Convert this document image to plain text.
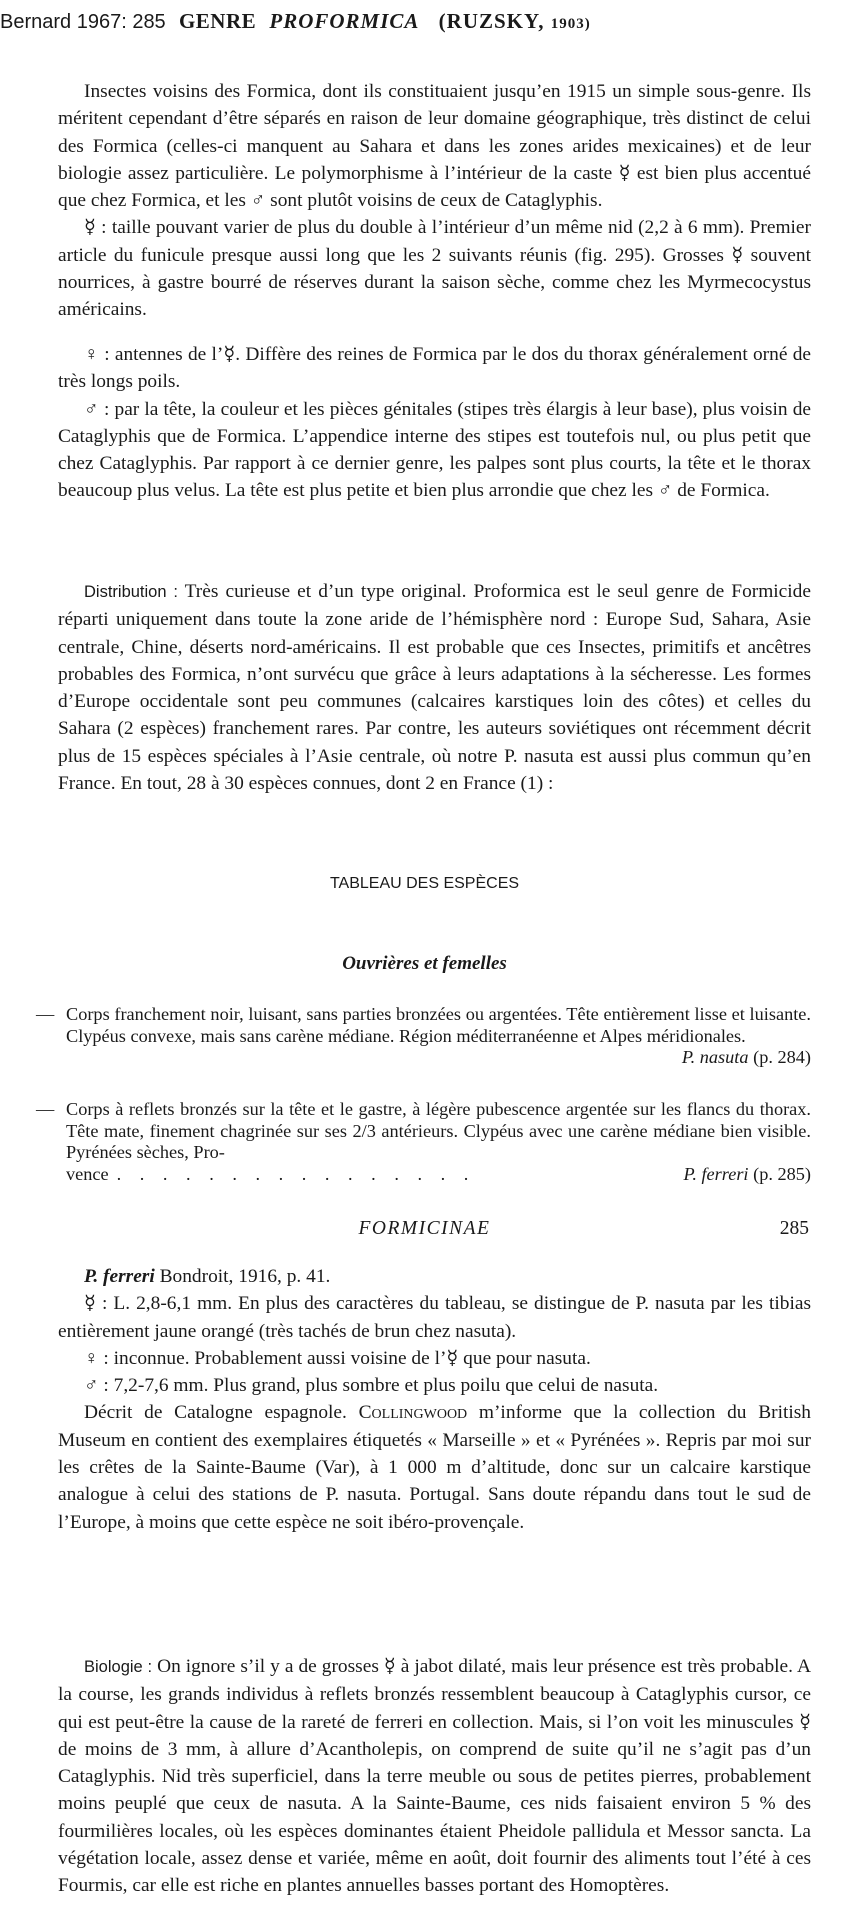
Bernard 1967: 285 GENRE PROFORMICA (RUZSKY, 1903)

Insectes voisins des Formica, dont ils constituaient jusqu’en 1915 un simple sous-genre. Ils méritent cependant d’être séparés en raison de leur domaine géographique, très distinct de celui des Formica (celles-ci manquent au Sahara et dans les zones arides mexicaines) et de leur biologie assez particulière. Le polymorphisme à l’intérieur de la caste ☿ est bien plus accentué que chez Formica, et les ♂ sont plutôt voisins de ceux de Cataglyphis.

☿ : taille pouvant varier de plus du double à l’intérieur d’un même nid (2,2 à 6 mm). Premier article du funicule presque aussi long que les 2 suivants réunis (fig. 295). Grosses ☿ souvent nourrices, à gastre bourré de réserves durant la saison sèche, comme chez les Myrmecocystus américains.

♀ : antennes de l’☿. Diffère des reines de Formica par le dos du thorax généralement orné de très longs poils.

♂ : par la tête, la couleur et les pièces génitales (stipes très élargis à leur base), plus voisin de Cataglyphis que de Formica. L’appendice interne des stipes est toutefois nul, ou plus petit que chez Cataglyphis. Par rapport à ce dernier genre, les palpes sont plus courts, la tête et le thorax beaucoup plus velus. La tête est plus petite et bien plus arrondie que chez les ♂ de Formica.

Distribution : Très curieuse et d’un type original. Proformica est le seul genre de Formicide réparti uniquement dans toute la zone aride de l’hémisphère nord : Europe Sud, Sahara, Asie centrale, Chine, déserts nord-américains. Il est probable que ces Insectes, primitifs et ancêtres probables des Formica, n’ont survécu que grâce à leurs adaptations à la sécheresse. Les formes d’Europe occidentale sont peu communes (calcaires karstiques loin des côtes) et celles du Sahara (2 espèces) franchement rares. Par contre, les auteurs soviétiques ont récemment décrit plus de 15 espèces spéciales à l’Asie centrale, où notre P. nasuta est aussi plus commun qu’en France. En tout, 28 à 30 espèces connues, dont 2 en France (1) :

TABLEAU DES ESPÈCES
Ouvrières et femelles
— Corps franchement noir, luisant, sans parties bronzées ou argentées. Tête entièrement lisse et luisante. Clypéus convexe, mais sans carène médiane. Région méditerranéenne et Alpes méridionales.
P. nasuta (p. 284)
— Corps à reflets bronzés sur la tête et le gastre, à légère pubescence argentée sur les flancs du thorax. Tête mate, finement chagrinée sur ses 2/3 antérieurs. Clypéus avec une carène médiane bien visible. Pyrénées sèches, Pro-
vence . . . . . . . . . . . . . . . .	P. ferreri (p. 285)
FORMICINAE	285

P. ferreri Bondroit, 1916, p. 41.

☿ : L. 2,8-6,1 mm. En plus des caractères du tableau, se distingue de P. nasuta par les tibias entièrement jaune orangé (très tachés de brun chez nasuta).

♀ : inconnue. Probablement aussi voisine de l’☿ que pour nasuta.

♂ : 7,2-7,6 mm. Plus grand, plus sombre et plus poilu que celui de nasuta.

Décrit de Catalogne espagnole. Collingwood m’informe que la collection du British Museum en contient des exemplaires étiquetés « Marseille » et « Pyrénées ». Repris par moi sur les crêtes de la Sainte-Baume (Var), à 1 000 m d’altitude, donc sur un calcaire karstique analogue à celui des stations de P. nasuta. Portugal. Sans doute répandu dans tout le sud de l’Europe, à moins que cette espèce ne soit ibéro-provençale.

Biologie : On ignore s’il y a de grosses ☿ à jabot dilaté, mais leur présence est très probable. A la course, les grands individus à reflets bronzés ressemblent beaucoup à Cataglyphis cursor, ce qui est peut-être la cause de la rareté de ferreri en collection. Mais, si l’on voit les minuscules ☿ de moins de 3 mm, à allure d’Acantholepis, on comprend de suite qu’il ne s’agit pas d’un Cataglyphis. Nid très superficiel, dans la terre meuble ou sous de petites pierres, probablement moins peuplé que ceux de nasuta. A la Sainte-Baume, ces nids faisaient environ 5 % des fourmilières locales, où les espèces dominantes étaient Pheidole pallidula et Messor sancta. La végétation locale, assez dense et variée, même en août, doit fournir des aliments tout l’été à ces Fourmis, car elle est riche en plantes annuelles basses portant des Homoptères.
